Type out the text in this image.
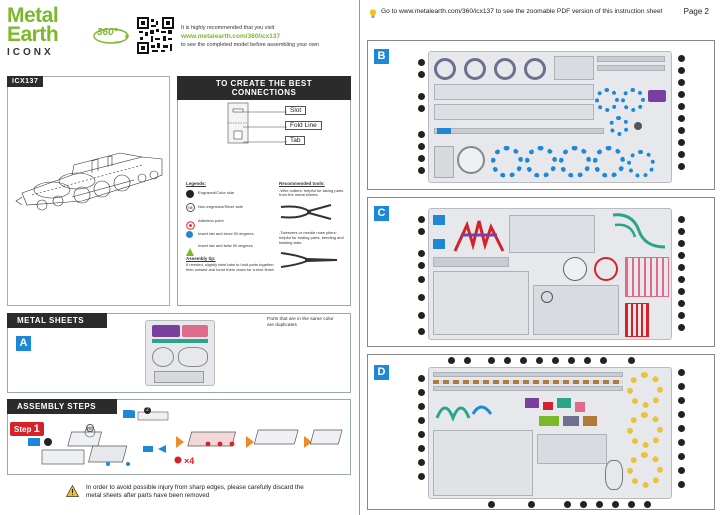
Metal
Earth
ICONX
360°
view
It is highly recommended that you visit
www.metalearth.com/360/icx137
to see the completed model before assembling your own
ICX137	TO CREATE THE BEST CONNECTIONS
Slot
Fold Line
Tab
Legends:
Engraved/Color side
NE	Non-engraved/Silver side
Attention point
Insert tab and bend 90 degrees
Insert tab and twist 90 degrees
Assembly tip:
If needed, slightly twist tabs to hold parts together then untwist and bend them down for a nice finish
Recommended tools:
-Wire cutters: helpful for taking parts from the metal sheets.
-Tweezers or needle nose pliers: helpful for folding parts, bending and twisting tabs.
METAL SHEETS
A
Parts that are in the same color are duplicates
ASSEMBLY STEPS
Step 1	NE
D	2
×4
In order to avoid possible injury from sharp edges, please carefully discard the metal sheets after parts have been removed
Go to www.metalearth.com/360/icx137 to see the zoomable PDF version of this instruction sheet	Page 2
B
C
D
